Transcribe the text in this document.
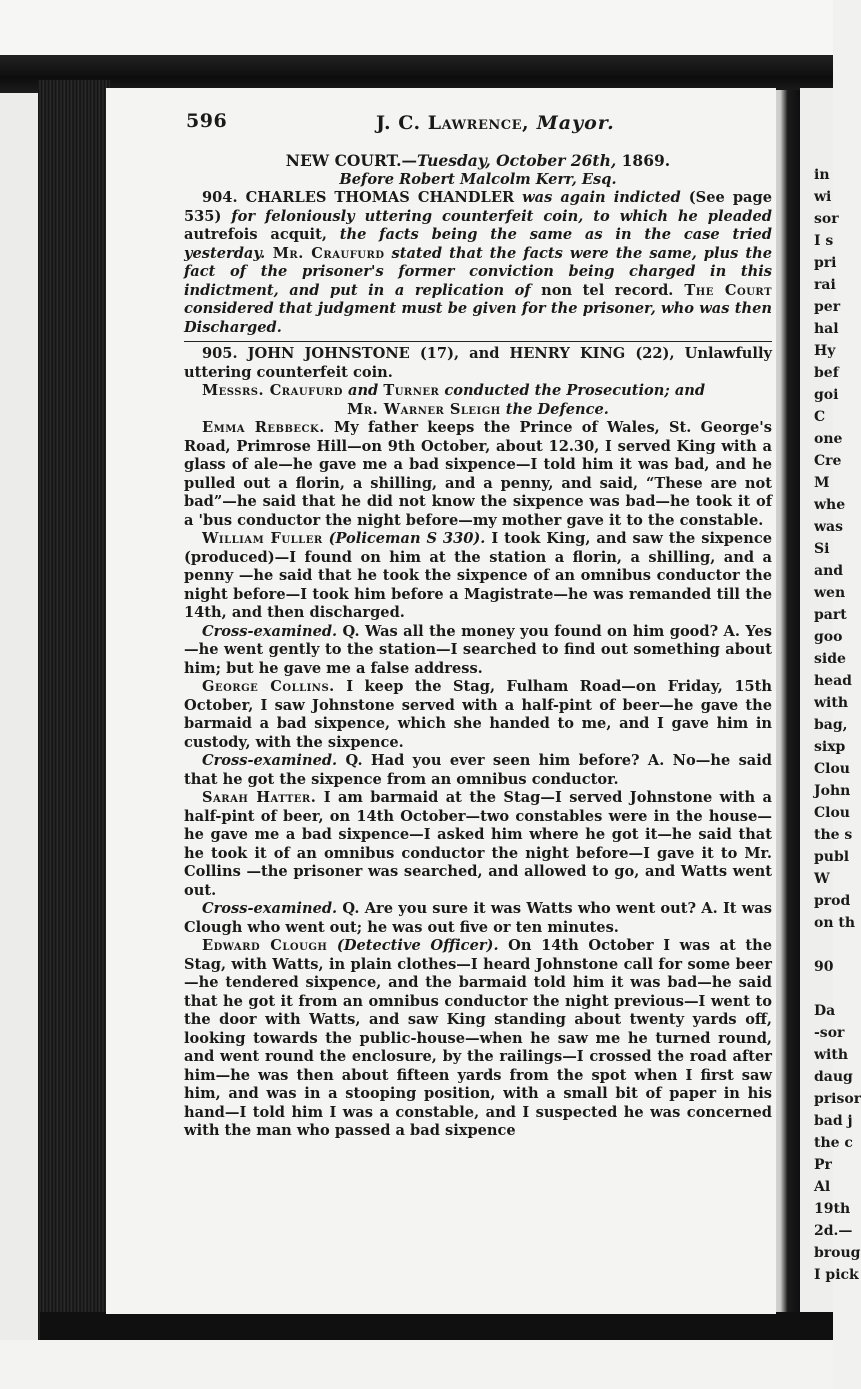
in
wi
sor
I s
pri
rai
per
hal
Hy
bef
goi
C
one
Cre
M
whe
was
Si
and
wen
part
goo
side
head
with
bag,
sixp
Clou
John
Clou
the s
publ
W
prod
on th
90
Da
-sor
with
daug
prisor
bad j
the c
Pr
Al
19th
2d.—
broug
I pick
596	J. C. Lawrence, Mayor.

NEW COURT.—Tuesday, October 26th, 1869.

Before Robert Malcolm Kerr, Esq.

904. CHARLES THOMAS CHANDLER was again indicted (See page 535) for feloniously uttering counterfeit coin, to which he pleaded autrefois acquit, the facts being the same as in the case tried yesterday. Mr. Craufurd stated that the facts were the same, plus the fact of the prisoner's former conviction being charged in this indictment, and put in a replication of non tel record. The Court considered that judgment must be given for the prisoner, who was then Discharged.

905. JOHN JOHNSTONE (17), and HENRY KING (22), Unlawfully uttering counterfeit coin.

Messrs. Craufurd and Turner conducted the Prosecution; and

Mr. Warner Sleigh the Defence.

Emma Rebbeck. My father keeps the Prince of Wales, St. George's Road, Primrose Hill—on 9th October, about 12.30, I served King with a glass of ale—he gave me a bad sixpence—I told him it was bad, and he pulled out a florin, a shilling, and a penny, and said, “These are not bad”—he said that he did not know the sixpence was bad—he took it of a 'bus conductor the night before—my mother gave it to the constable.

William Fuller (Policeman S 330). I took King, and saw the sixpence (produced)—I found on him at the station a florin, a shilling, and a penny —he said that he took the sixpence of an omnibus conductor the night before—I took him before a Magistrate—he was remanded till the 14th, and then discharged.

Cross-examined. Q. Was all the money you found on him good? A. Yes —he went gently to the station—I searched to find out something about him; but he gave me a false address.

George Collins. I keep the Stag, Fulham Road—on Friday, 15th October, I saw Johnstone served with a half-pint of beer—he gave the barmaid a bad sixpence, which she handed to me, and I gave him in custody, with the sixpence.

Cross-examined. Q. Had you ever seen him before? A. No—he said that he got the sixpence from an omnibus conductor.

Sarah Hatter. I am barmaid at the Stag—I served Johnstone with a half-pint of beer, on 14th October—two constables were in the house—he gave me a bad sixpence—I asked him where he got it—he said that he took it of an omnibus conductor the night before—I gave it to Mr. Collins —the prisoner was searched, and allowed to go, and Watts went out.

Cross-examined. Q. Are you sure it was Watts who went out? A. It was Clough who went out; he was out five or ten minutes.

Edward Clough (Detective Officer). On 14th October I was at the Stag, with Watts, in plain clothes—I heard Johnstone call for some beer—he tendered sixpence, and the barmaid told him it was bad—he said that he got it from an omnibus conductor the night previous—I went to the door with Watts, and saw King standing about twenty yards off, looking towards the public-house—when he saw me he turned round, and went round the enclosure, by the railings—I crossed the road after him—he was then about fifteen yards from the spot when I first saw him, and was in a stooping position, with a small bit of paper in his hand—I told him I was a constable, and I suspected he was concerned with the man who passed a bad sixpence
